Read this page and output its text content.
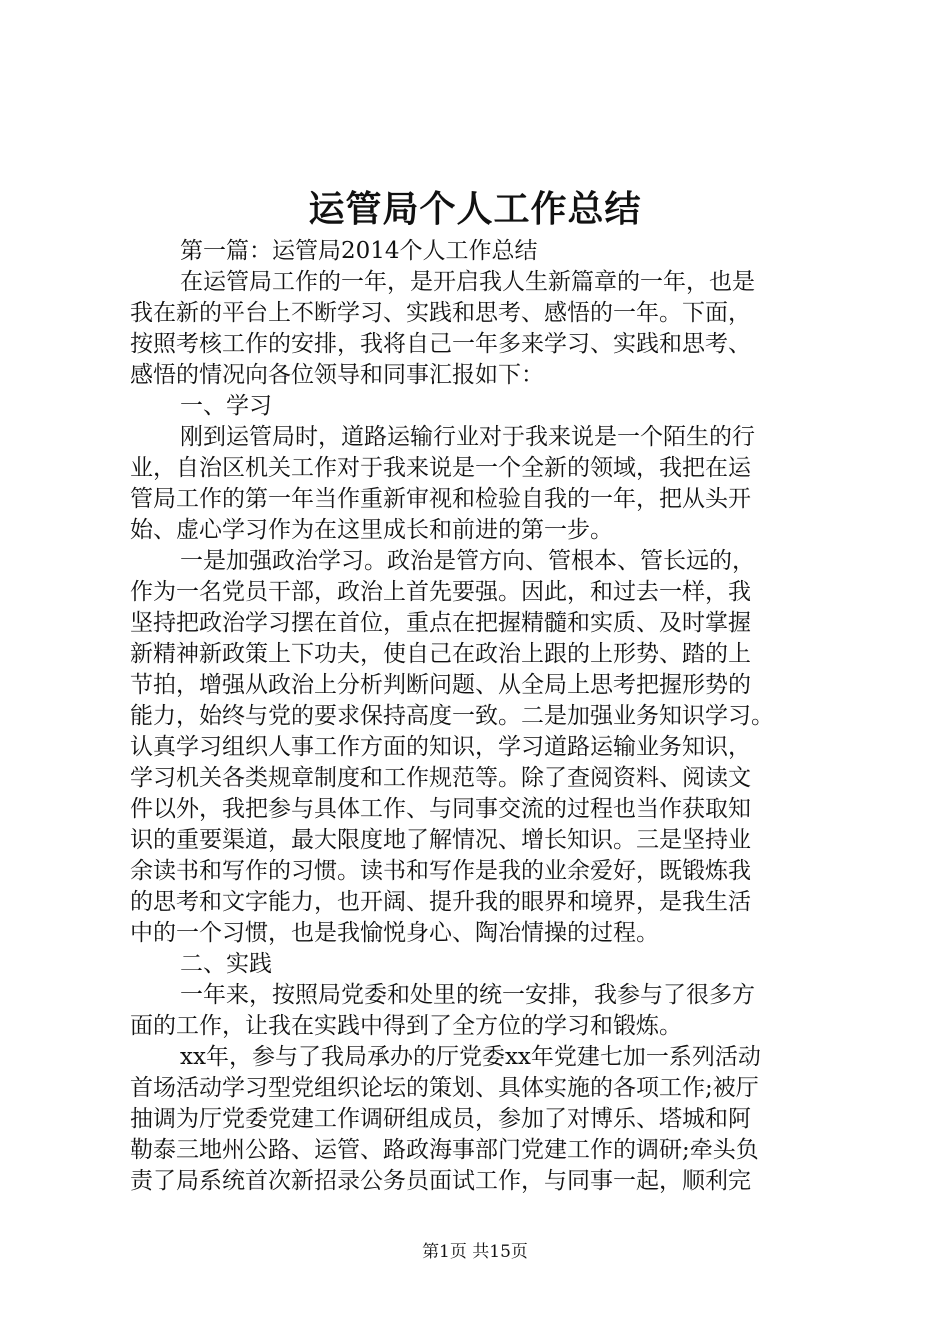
运管局个人工作总结
第一篇：运管局2014个人工作总结
在运管局工作的一年，是开启我人生新篇章的一年，也是
我在新的平台上不断学习、实践和思考、感悟的一年。下面，
按照考核工作的安排，我将自己一年多来学习、实践和思考、
感悟的情况向各位领导和同事汇报如下：
一、学习
刚到运管局时，道路运输行业对于我来说是一个陌生的行
业，自治区机关工作对于我来说是一个全新的领域，我把在运
管局工作的第一年当作重新审视和检验自我的一年，把从头开
始、虚心学习作为在这里成长和前进的第一步。
一是加强政治学习。政治是管方向、管根本、管长远的，
作为一名党员干部，政治上首先要强。因此，和过去一样，我
坚持把政治学习摆在首位，重点在把握精髓和实质、及时掌握
新精神新政策上下功夫，使自己在政治上跟的上形势、踏的上
节拍，增强从政治上分析判断问题、从全局上思考把握形势的
能力，始终与党的要求保持高度一致。二是加强业务知识学习。
认真学习组织人事工作方面的知识，学习道路运输业务知识，
学习机关各类规章制度和工作规范等。除了查阅资料、阅读文
件以外，我把参与具体工作、与同事交流的过程也当作获取知
识的重要渠道，最大限度地了解情况、增长知识。三是坚持业
余读书和写作的习惯。读书和写作是我的业余爱好，既锻炼我
的思考和文字能力，也开阔、提升我的眼界和境界，是我生活
中的一个习惯，也是我愉悦身心、陶冶情操的过程。
二、实践
一年来，按照局党委和处里的统一安排，我参与了很多方
面的工作，让我在实践中得到了全方位的学习和锻炼。
xx年，参与了我局承办的厅党委xx年党建七加一系列活动
首场活动学习型党组织论坛的策划、具体实施的各项工作;被厅
抽调为厅党委党建工作调研组成员，参加了对博乐、塔城和阿
勒泰三地州公路、运管、路政海事部门党建工作的调研;牵头负
责了局系统首次新招录公务员面试工作，与同事一起，顺利完
第1页 共15页
